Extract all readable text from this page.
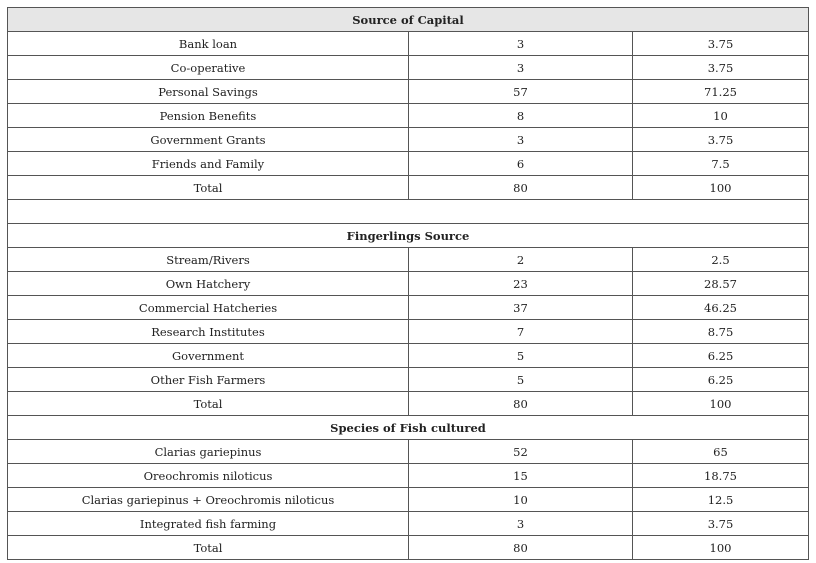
Source of Capital		
Bank loan	3	3.75
Co-operative	3	3.75
Personal Savings	57	71.25
Pension Benefits	8	10
Government Grants	3	3.75
Friends and Family	6	7.5
Total	80	100

Fingerlings Source		
Stream/Rivers	2	2.5
Own Hatchery	23	28.57
Commercial Hatcheries	37	46.25
Research Institutes	7	8.75
Government	5	6.25
Other Fish Farmers	5	6.25
Total	80	100
Species of Fish cultured		
Clarias gariepinus	52	65
Oreochromis niloticus	15	18.75
Clarias gariepinus + Oreochromis niloticus	10	12.5
Integrated fish farming	3	3.75
Total	80	100
